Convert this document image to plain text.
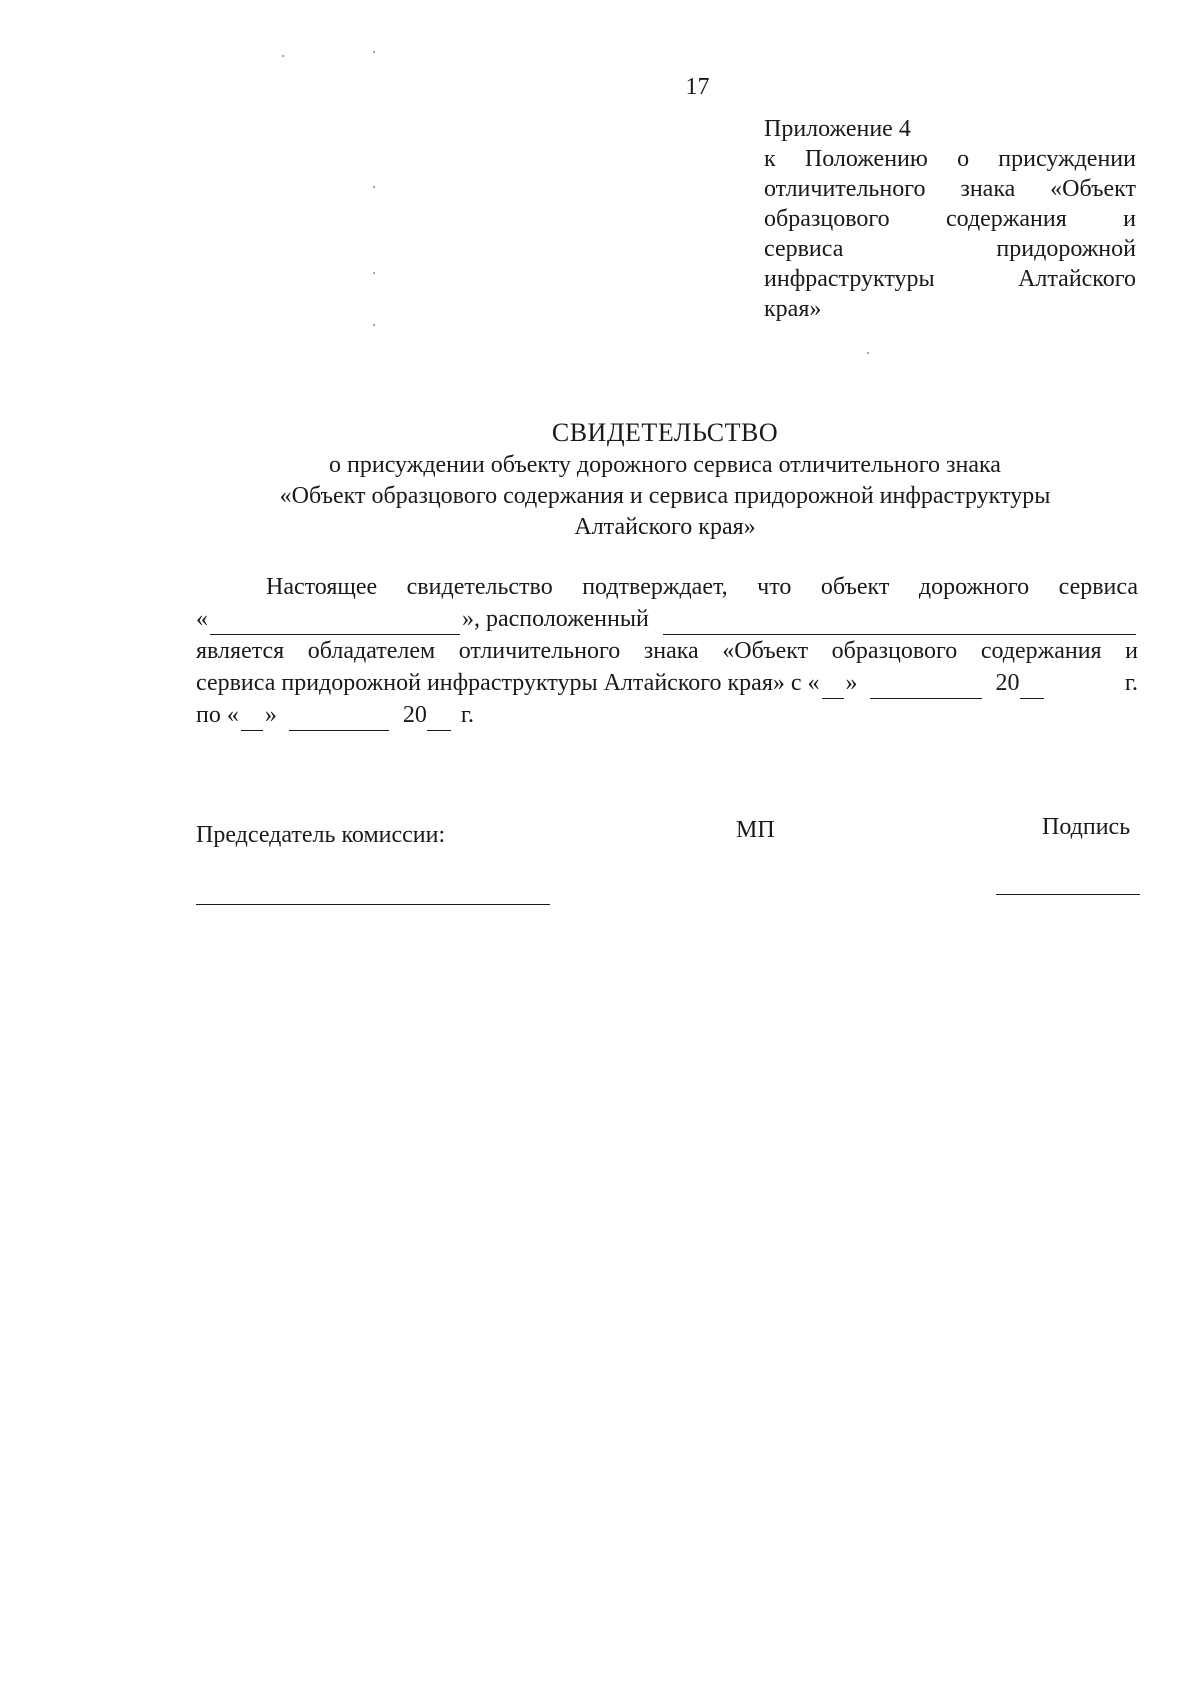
17
Приложение 4
к Положению о присуждении
отличительного знака «Объект
образцового содержания и
сервиса придорожной
инфраструктуры Алтайского
края»
СВИДЕТЕЛЬСТВО
о присуждении объекту дорожного сервиса отличительного знака
«Объект образцового содержания и сервиса придорожной инфраструктуры
Алтайского края»
Настоящее свидетельство подтверждает, что объект дорожного сервиса
«	», расположенный
является обладателем отличительного знака «Объект образцового содержания и
сервиса придорожной инфраструктуры Алтайского края» с « »	20	г.
по « »	20 г.
Председатель комиссии:	МП	Подпись
